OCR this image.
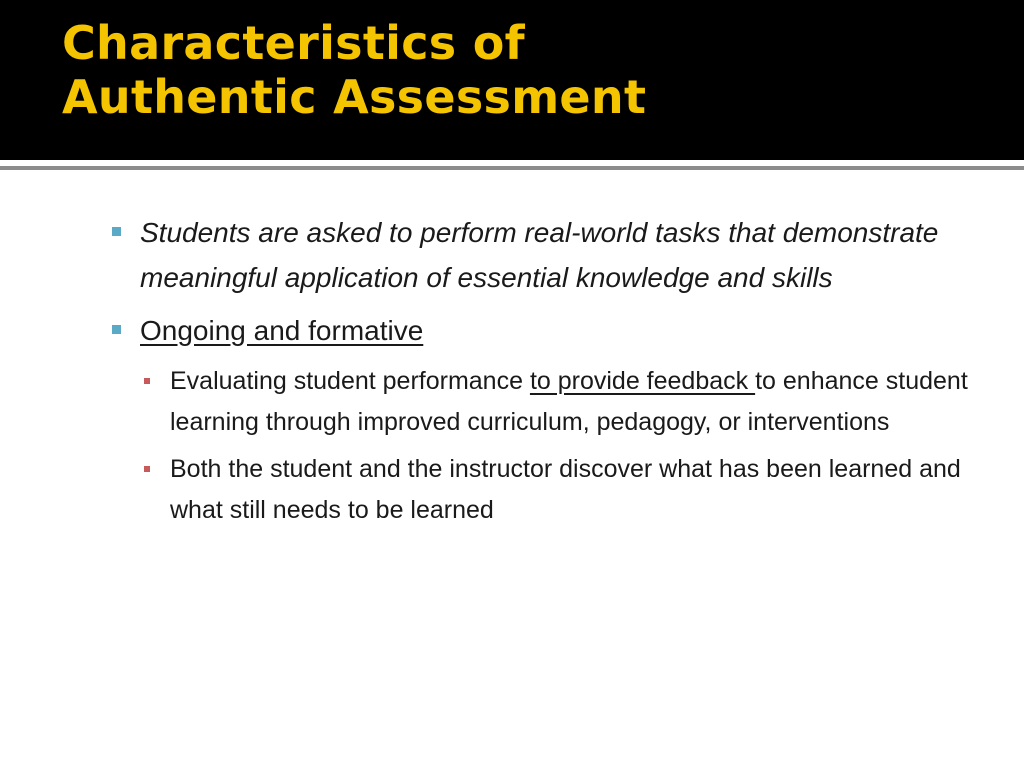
Characteristics of
Authentic Assessment
Students are asked to perform real-world tasks that demonstrate meaningful application of essential knowledge and skills
Ongoing and formative
Evaluating student performance to provide feedback to enhance student learning through improved curriculum, pedagogy, or interventions
Both the student and the instructor discover what has been learned and what still needs to be learned
